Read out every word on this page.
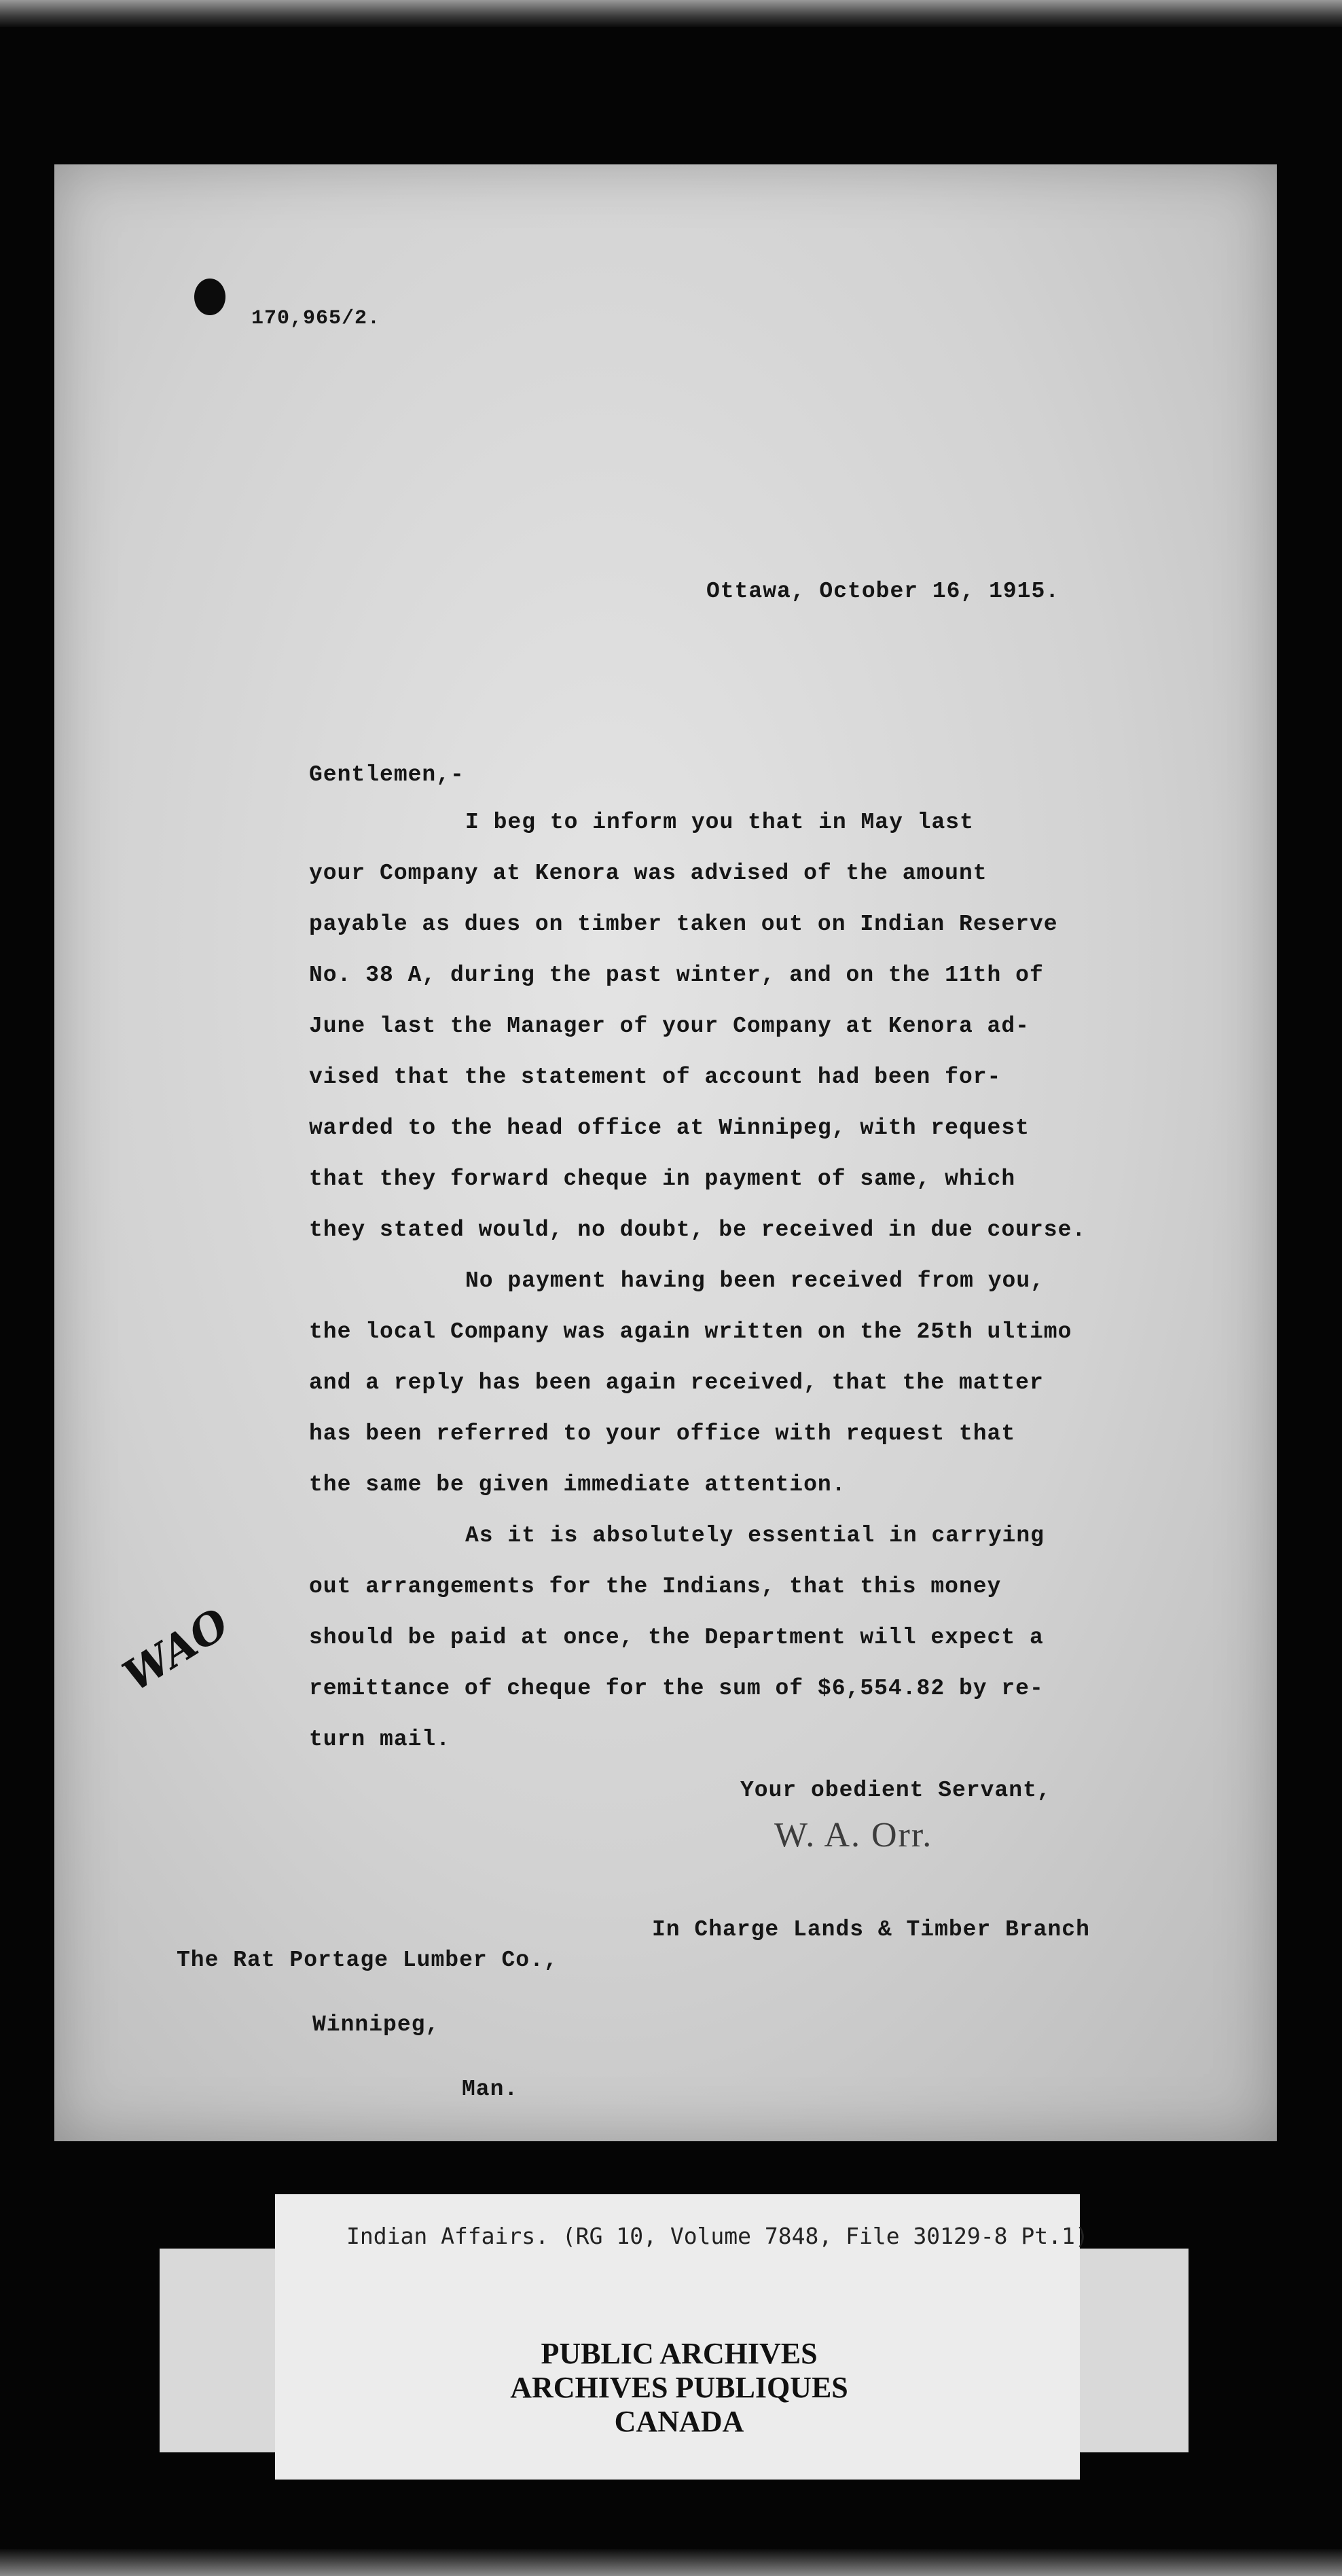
170,965/2.
Ottawa, October 16, 1915.
Gentlemen,-
I beg to inform you that in May last
your Company at Kenora was advised of the amount
payable as dues on timber taken out on Indian Reserve
No. 38 A, during the past winter, and on the 11th of
June last the Manager of your Company at Kenora ad-
vised that the statement of account had been for-
warded to the head office at Winnipeg, with request
that they forward cheque in payment of same, which
they stated would, no doubt, be received in due course.
No payment having been received from you,
the local Company was again written on the 25th ultimo
and a reply has been again received, that the matter
has been referred to your office with request that
the same be given immediate attention.
As it is absolutely essential in carrying
out arrangements for the Indians, that this money
should be paid at once, the Department will expect a
remittance of cheque for the sum of $6,554.82 by re-
turn mail.
WAO
Your obedient Servant,
W. A. Orr.
In Charge Lands & Timber Branch
The Rat Portage Lumber Co.,
Winnipeg,
Man.
Indian Affairs. (RG 10, Volume 7848, File 30129-8 Pt.1)
PUBLIC ARCHIVES
ARCHIVES PUBLIQUES
CANADA
